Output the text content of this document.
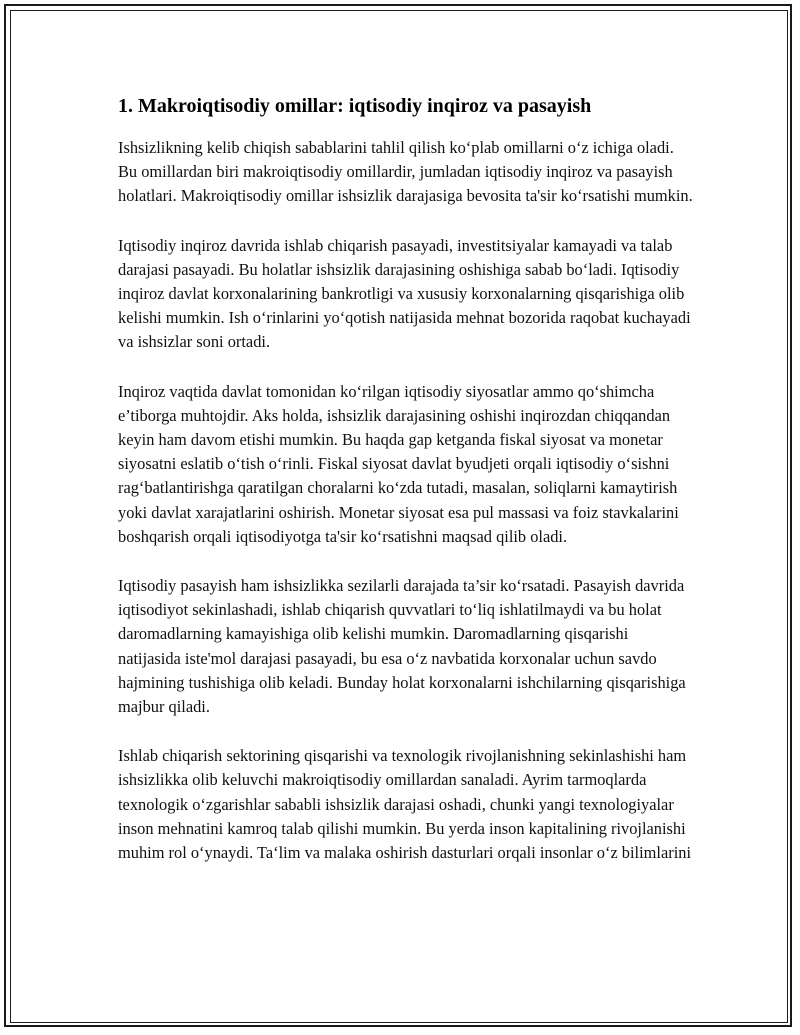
1. Makroiqtisodiy omillar: iqtisodiy inqiroz va pasayish

Ishsizlikning kelib chiqish sabablarini tahlil qilish ko‘plab omillarni o‘z ichiga oladi. Bu omillardan biri makroiqtisodiy omillardir, jumladan iqtisodiy inqiroz va pasayish holatlari. Makroiqtisodiy omillar ishsizlik darajasiga bevosita ta'sir ko‘rsatishi mumkin.

Iqtisodiy inqiroz davrida ishlab chiqarish pasayadi, investitsiyalar kamayadi va talab darajasi pasayadi. Bu holatlar ishsizlik darajasining oshishiga sabab bo‘ladi. Iqtisodiy inqiroz davlat korxonalarining bankrotligi va xususiy korxonalarning qisqarishiga olib kelishi mumkin. Ish o‘rinlarini yo‘qotish natijasida mehnat bozorida raqobat kuchayadi va ishsizlar soni ortadi.

Inqiroz vaqtida davlat tomonidan ko‘rilgan iqtisodiy siyosatlar ammo qo‘shimcha e’tiborga muhtojdir. Aks holda, ishsizlik darajasining oshishi inqirozdan chiqqandan keyin ham davom etishi mumkin. Bu haqda gap ketganda fiskal siyosat va monetar siyosatni eslatib o‘tish o‘rinli. Fiskal siyosat davlat byudjeti orqali iqtisodiy o‘sishni rag‘batlantirishga qaratilgan choralarni ko‘zda tutadi, masalan, soliqlarni kamaytirish yoki davlat xarajatlarini oshirish. Monetar siyosat esa pul massasi va foiz stavkalarini boshqarish orqali iqtisodiyotga ta'sir ko‘rsatishni maqsad qilib oladi.

Iqtisodiy pasayish ham ishsizlikka sezilarli darajada ta’sir ko‘rsatadi. Pasayish davrida iqtisodiyot sekinlashadi, ishlab chiqarish quvvatlari to‘liq ishlatilmaydi va bu holat daromadlarning kamayishiga olib kelishi mumkin. Daromadlarning qisqarishi natijasida iste'mol darajasi pasayadi, bu esa o‘z navbatida korxonalar uchun savdo hajmining tushishiga olib keladi. Bunday holat korxonalarni ishchilarning qisqarishiga majbur qiladi.

Ishlab chiqarish sektorining qisqarishi va texnologik rivojlanishning sekinlashishi ham ishsizlikka olib keluvchi makroiqtisodiy omillardan sanaladi. Ayrim tarmoqlarda texnologik o‘zgarishlar sababli ishsizlik darajasi oshadi, chunki yangi texnologiyalar inson mehnatini kamroq talab qilishi mumkin. Bu yerda inson kapitalining rivojlanishi muhim rol o‘ynaydi. Ta‘lim va malaka oshirish dasturlari orqali insonlar o‘z bilimlarini
